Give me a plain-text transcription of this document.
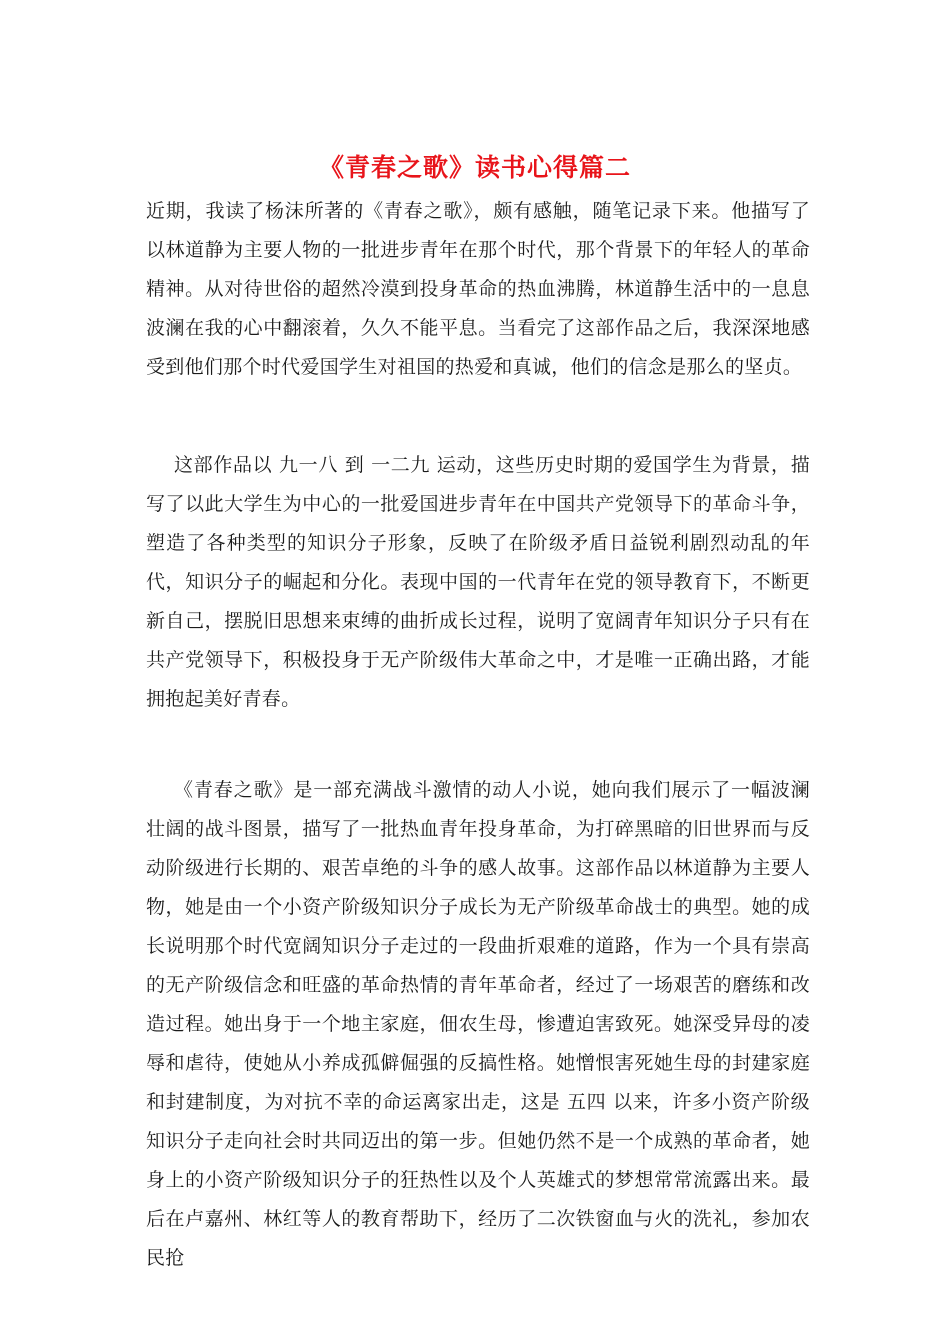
《青春之歌》读书心得篇二

近期，我读了杨沫所著的《青春之歌》，颇有感触，随笔记录下来。他描写了以林道静为主要人物的一批进步青年在那个时代，那个背景下的年轻人的革命精神。从对待世俗的超然冷漠到投身革命的热血沸腾，林道静生活中的一息息波澜在我的心中翻滚着，久久不能平息。当看完了这部作品之后，我深深地感受到他们那个时代爱国学生对祖国的热爱和真诚，他们的信念是那么的坚贞。

这部作品以 九一八 到 一二九 运动，这些历史时期的爱国学生为背景，描写了以此大学生为中心的一批爱国进步青年在中国共产党领导下的革命斗争，塑造了各种类型的知识分子形象，反映了在阶级矛盾日益锐利剧烈动乱的年代，知识分子的崛起和分化。表现中国的一代青年在党的领导教育下，不断更新自己，摆脱旧思想来束缚的曲折成长过程，说明了宽阔青年知识分子只有在共产党领导下，积极投身于无产阶级伟大革命之中，才是唯一正确出路，才能拥抱起美好青春。

《青春之歌》是一部充满战斗激情的动人小说，她向我们展示了一幅波澜壮阔的战斗图景，描写了一批热血青年投身革命，为打碎黑暗的旧世界而与反动阶级进行长期的、艰苦卓绝的斗争的感人故事。这部作品以林道静为主要人物，她是由一个小资产阶级知识分子成长为无产阶级革命战士的典型。她的成长说明那个时代宽阔知识分子走过的一段曲折艰难的道路，作为一个具有崇高的无产阶级信念和旺盛的革命热情的青年革命者，经过了一场艰苦的磨练和改造过程。她出身于一个地主家庭，佃农生母，惨遭迫害致死。她深受异母的凌辱和虐待，使她从小养成孤僻倔强的反搞性格。她憎恨害死她生母的封建家庭和封建制度，为对抗不幸的命运离家出走，这是 五四 以来，许多小资产阶级知识分子走向社会时共同迈出的第一步。但她仍然不是一个成熟的革命者，她身上的小资产阶级知识分子的狂热性以及个人英雄式的梦想常常流露出来。最后在卢嘉州、林红等人的教育帮助下，经历了二次铁窗血与火的洗礼，参加农民抢
